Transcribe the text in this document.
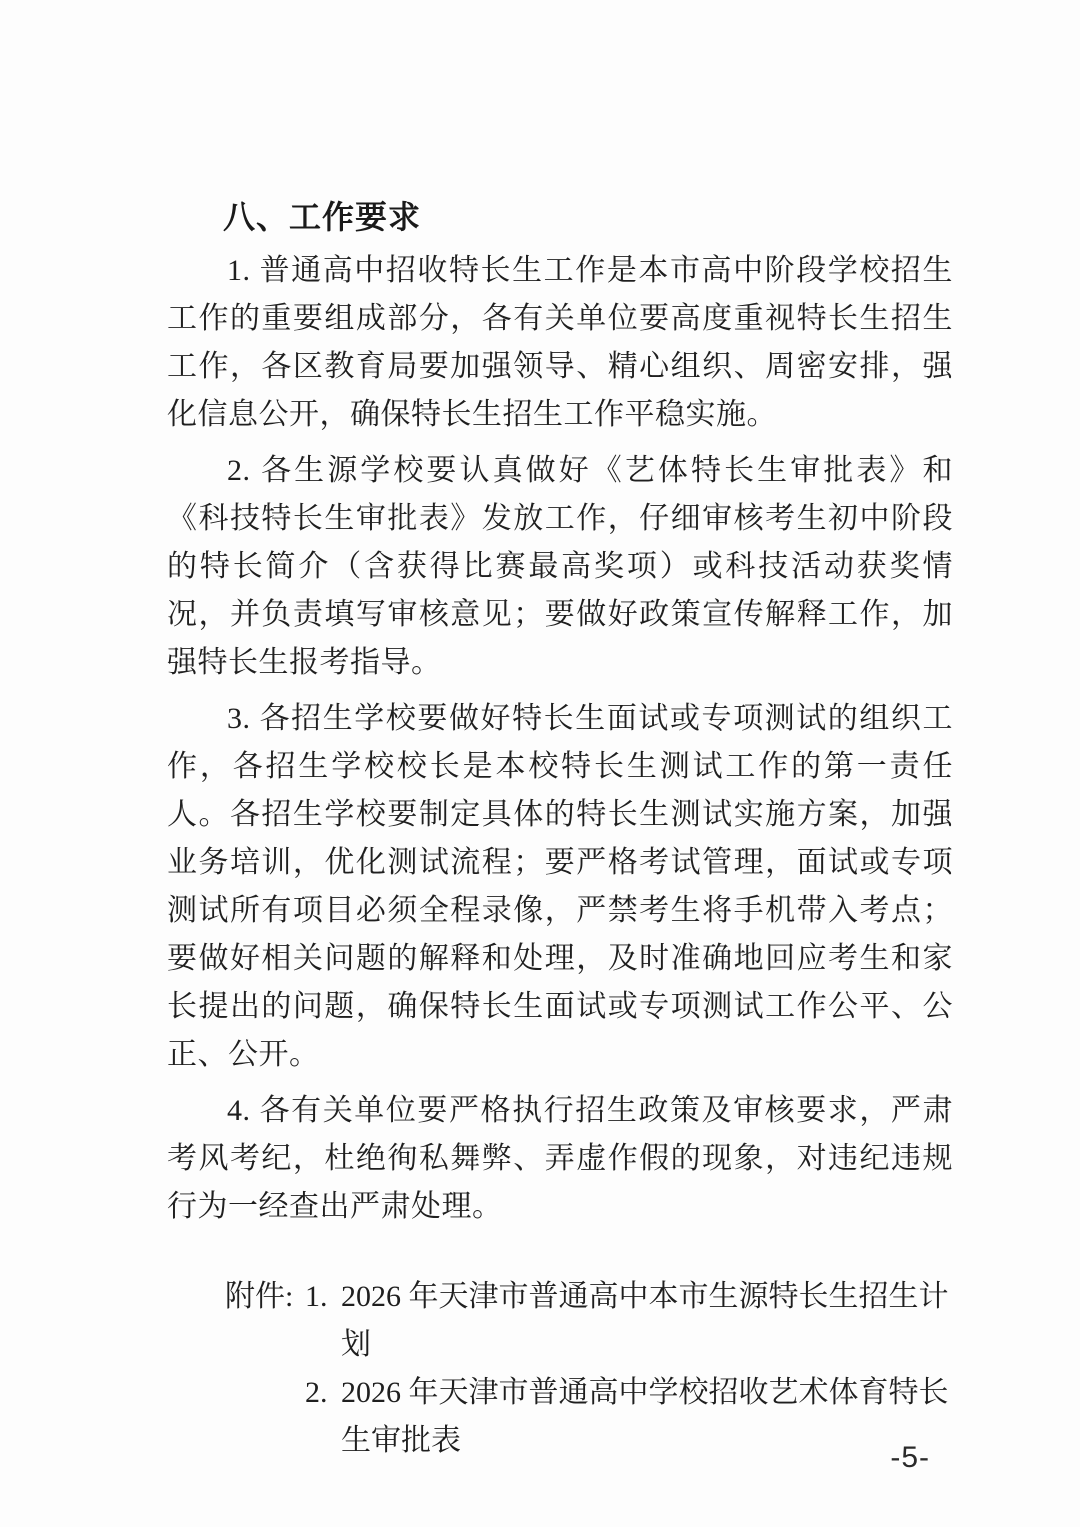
八、工作要求

1. 普通高中招收特长生工作是本市高中阶段学校招生工作的重要组成部分，各有关单位要高度重视特长生招生工作，各区教育局要加强领导、精心组织、周密安排，强化信息公开，确保特长生招生工作平稳实施。

2. 各生源学校要认真做好《艺体特长生审批表》和《科技特长生审批表》发放工作，仔细审核考生初中阶段的特长简介（含获得比赛最高奖项）或科技活动获奖情况，并负责填写审核意见；要做好政策宣传解释工作，加强特长生报考指导。

3. 各招生学校要做好特长生面试或专项测试的组织工作，各招生学校校长是本校特长生测试工作的第一责任人。各招生学校要制定具体的特长生测试实施方案，加强业务培训，优化测试流程；要严格考试管理，面试或专项测试所有项目必须全程录像，严禁考生将手机带入考点；要做好相关问题的解释和处理，及时准确地回应考生和家长提出的问题，确保特长生面试或专项测试工作公平、公正、公开。

4. 各有关单位要严格执行招生政策及审核要求，严肃考风考纪，杜绝徇私舞弊、弄虚作假的现象，对违纪违规行为一经查出严肃处理。

附件: 1. 2026 年天津市普通高中本市生源特长生招生计划
2. 2026 年天津市普通高中学校招收艺术体育特长生审批表
-5-
